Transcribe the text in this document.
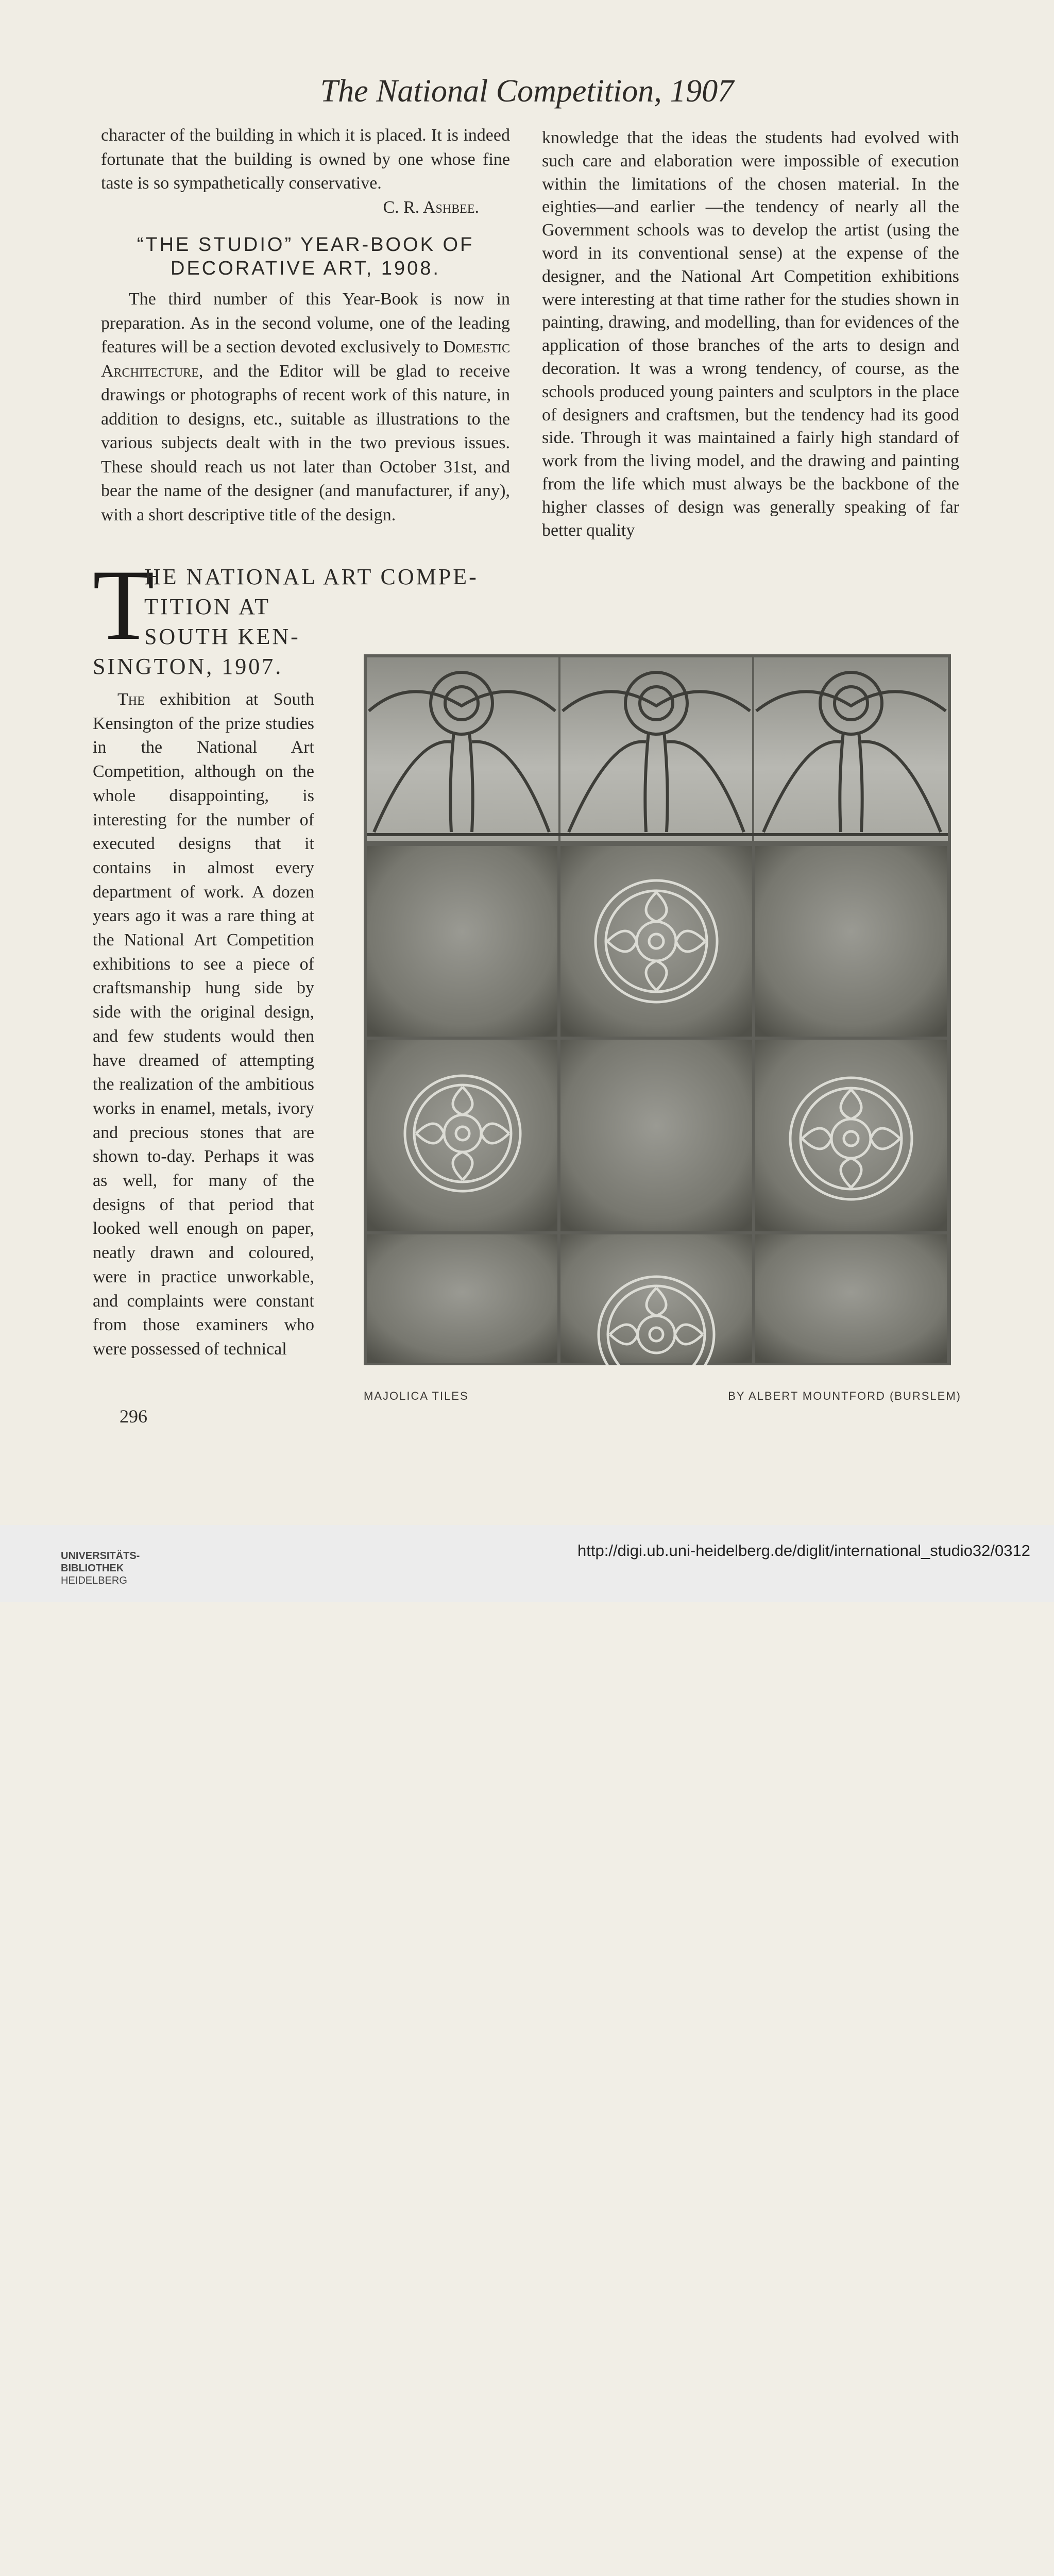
The National Competition, 1907

character of the building in which it is placed. It is indeed fortunate that the building is owned by one whose fine taste is so sympathetically conservative.

C. R. Ashbee.
“THE STUDIO” YEAR-BOOK OF
DECORATIVE ART, 1908.

The third number of this Year-Book is now in preparation. As in the second volume, one of the leading features will be a section devoted exclusively to Domestic Architecture, and the Editor will be glad to receive drawings or photographs of recent work of this nature, in addition to designs, etc., suitable as illustrations to the various subjects dealt with in the two previous issues. These should reach us not later than October 31st, and bear the name of the designer (and manufacturer, if any), with a short descriptive title of the design.

T
HE NATIONAL ART COMPE-
TITION AT
SOUTH KEN-
SINGTON, 1907.

The exhibition at South Kensington of the prize studies in the National Art Competition, although on the whole disappointing, is interesting for the number of executed designs that it contains in almost every department of work. A dozen years ago it was a rare thing at the National Art Competition exhibitions to see a piece of craftsmanship hung side by side with the original design, and few students would then have dreamed of attempting the realization of the ambitious works in enamel, metals, ivory and precious stones that are shown to-day. Perhaps it was as well, for many of the designs of that period that looked well enough on paper, neatly drawn and coloured, were in practice unworkable, and complaints were constant from those examiners who were possessed of technical

knowledge that the ideas the students had evolved with such care and elaboration were impossible of execution within the limitations of the chosen material. In the eighties—and earlier —the tendency of nearly all the Government schools was to develop the artist (using the word in its conventional sense) at the expense of the designer, and the National Art Competition exhibitions were interesting at that time rather for the studies shown in painting, drawing, and modelling, than for evidences of the application of those branches of the arts to design and decoration. It was a wrong tendency, of course, as the schools produced young painters and sculptors in the place of designers and craftsmen, but the tendency had its good side. Through it was maintained a fairly high standard of work from the living model, and the drawing and painting from the life which must always be the backbone of the higher classes of design was generally speaking of far better quality

MAJOLICA TILES	BY ALBERT MOUNTFORD (BURSLEM)
296
UNIVERSITÄTS-
BIBLIOTHEK
HEIDELBERG
http://digi.ub.uni-heidelberg.de/diglit/international_studio32/0312
